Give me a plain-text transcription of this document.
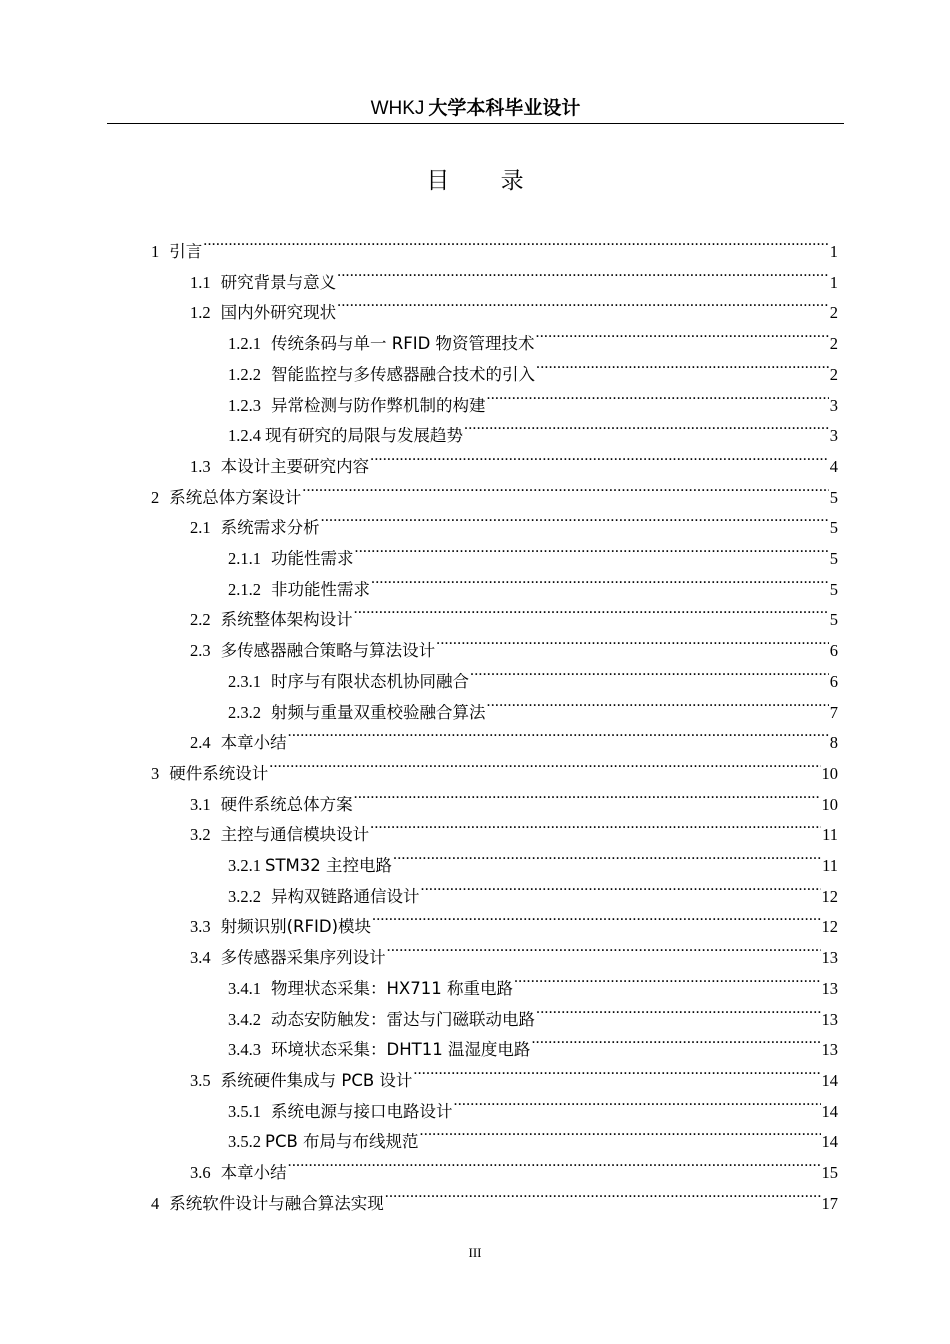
WHKJ 大学本科毕业设计
目 录
1 引言 .....	1
1.1 研究背景与意义 .....	1
1.2 国内外研究现状 .....	2
1.2.1 传统条码与单一 RFID 物资管理技术 .....	2
1.2.2 智能监控与多传感器融合技术的引入 .....	2
1.2.3 异常检测与防作弊机制的构建 .....	3
1.2.4 现有研究的局限与发展趋势 .....	3
1.3 本设计主要研究内容 .....	4
2 系统总体方案设计 .....	5
2.1 系统需求分析 .....	5
2.1.1 功能性需求 .....	5
2.1.2 非功能性需求 .....	5
2.2 系统整体架构设计 .....	5
2.3 多传感器融合策略与算法设计 .....	6
2.3.1 时序与有限状态机协同融合 .....	6
2.3.2 射频与重量双重校验融合算法 .....	7
2.4 本章小结 .....	8
3 硬件系统设计 .....	10
3.1 硬件系统总体方案 .....	10
3.2 主控与通信模块设计 .....	11
3.2.1 STM32 主控电路 .....	11
3.2.2 异构双链路通信设计 .....	12
3.3 射频识别(RFID)模块 .....	12
3.4 多传感器采集序列设计 .....	13
3.4.1 物理状态采集：HX711 称重电路 .....	13
3.4.2 动态安防触发：雷达与门磁联动电路 .....	13
3.4.3 环境状态采集：DHT11 温湿度电路 .....	13
3.5 系统硬件集成与 PCB 设计 .....	14
3.5.1 系统电源与接口电路设计 .....	14
3.5.2 PCB 布局与布线规范 .....	14
3.6 本章小结 .....	15
4 系统软件设计与融合算法实现 .....	17
III
